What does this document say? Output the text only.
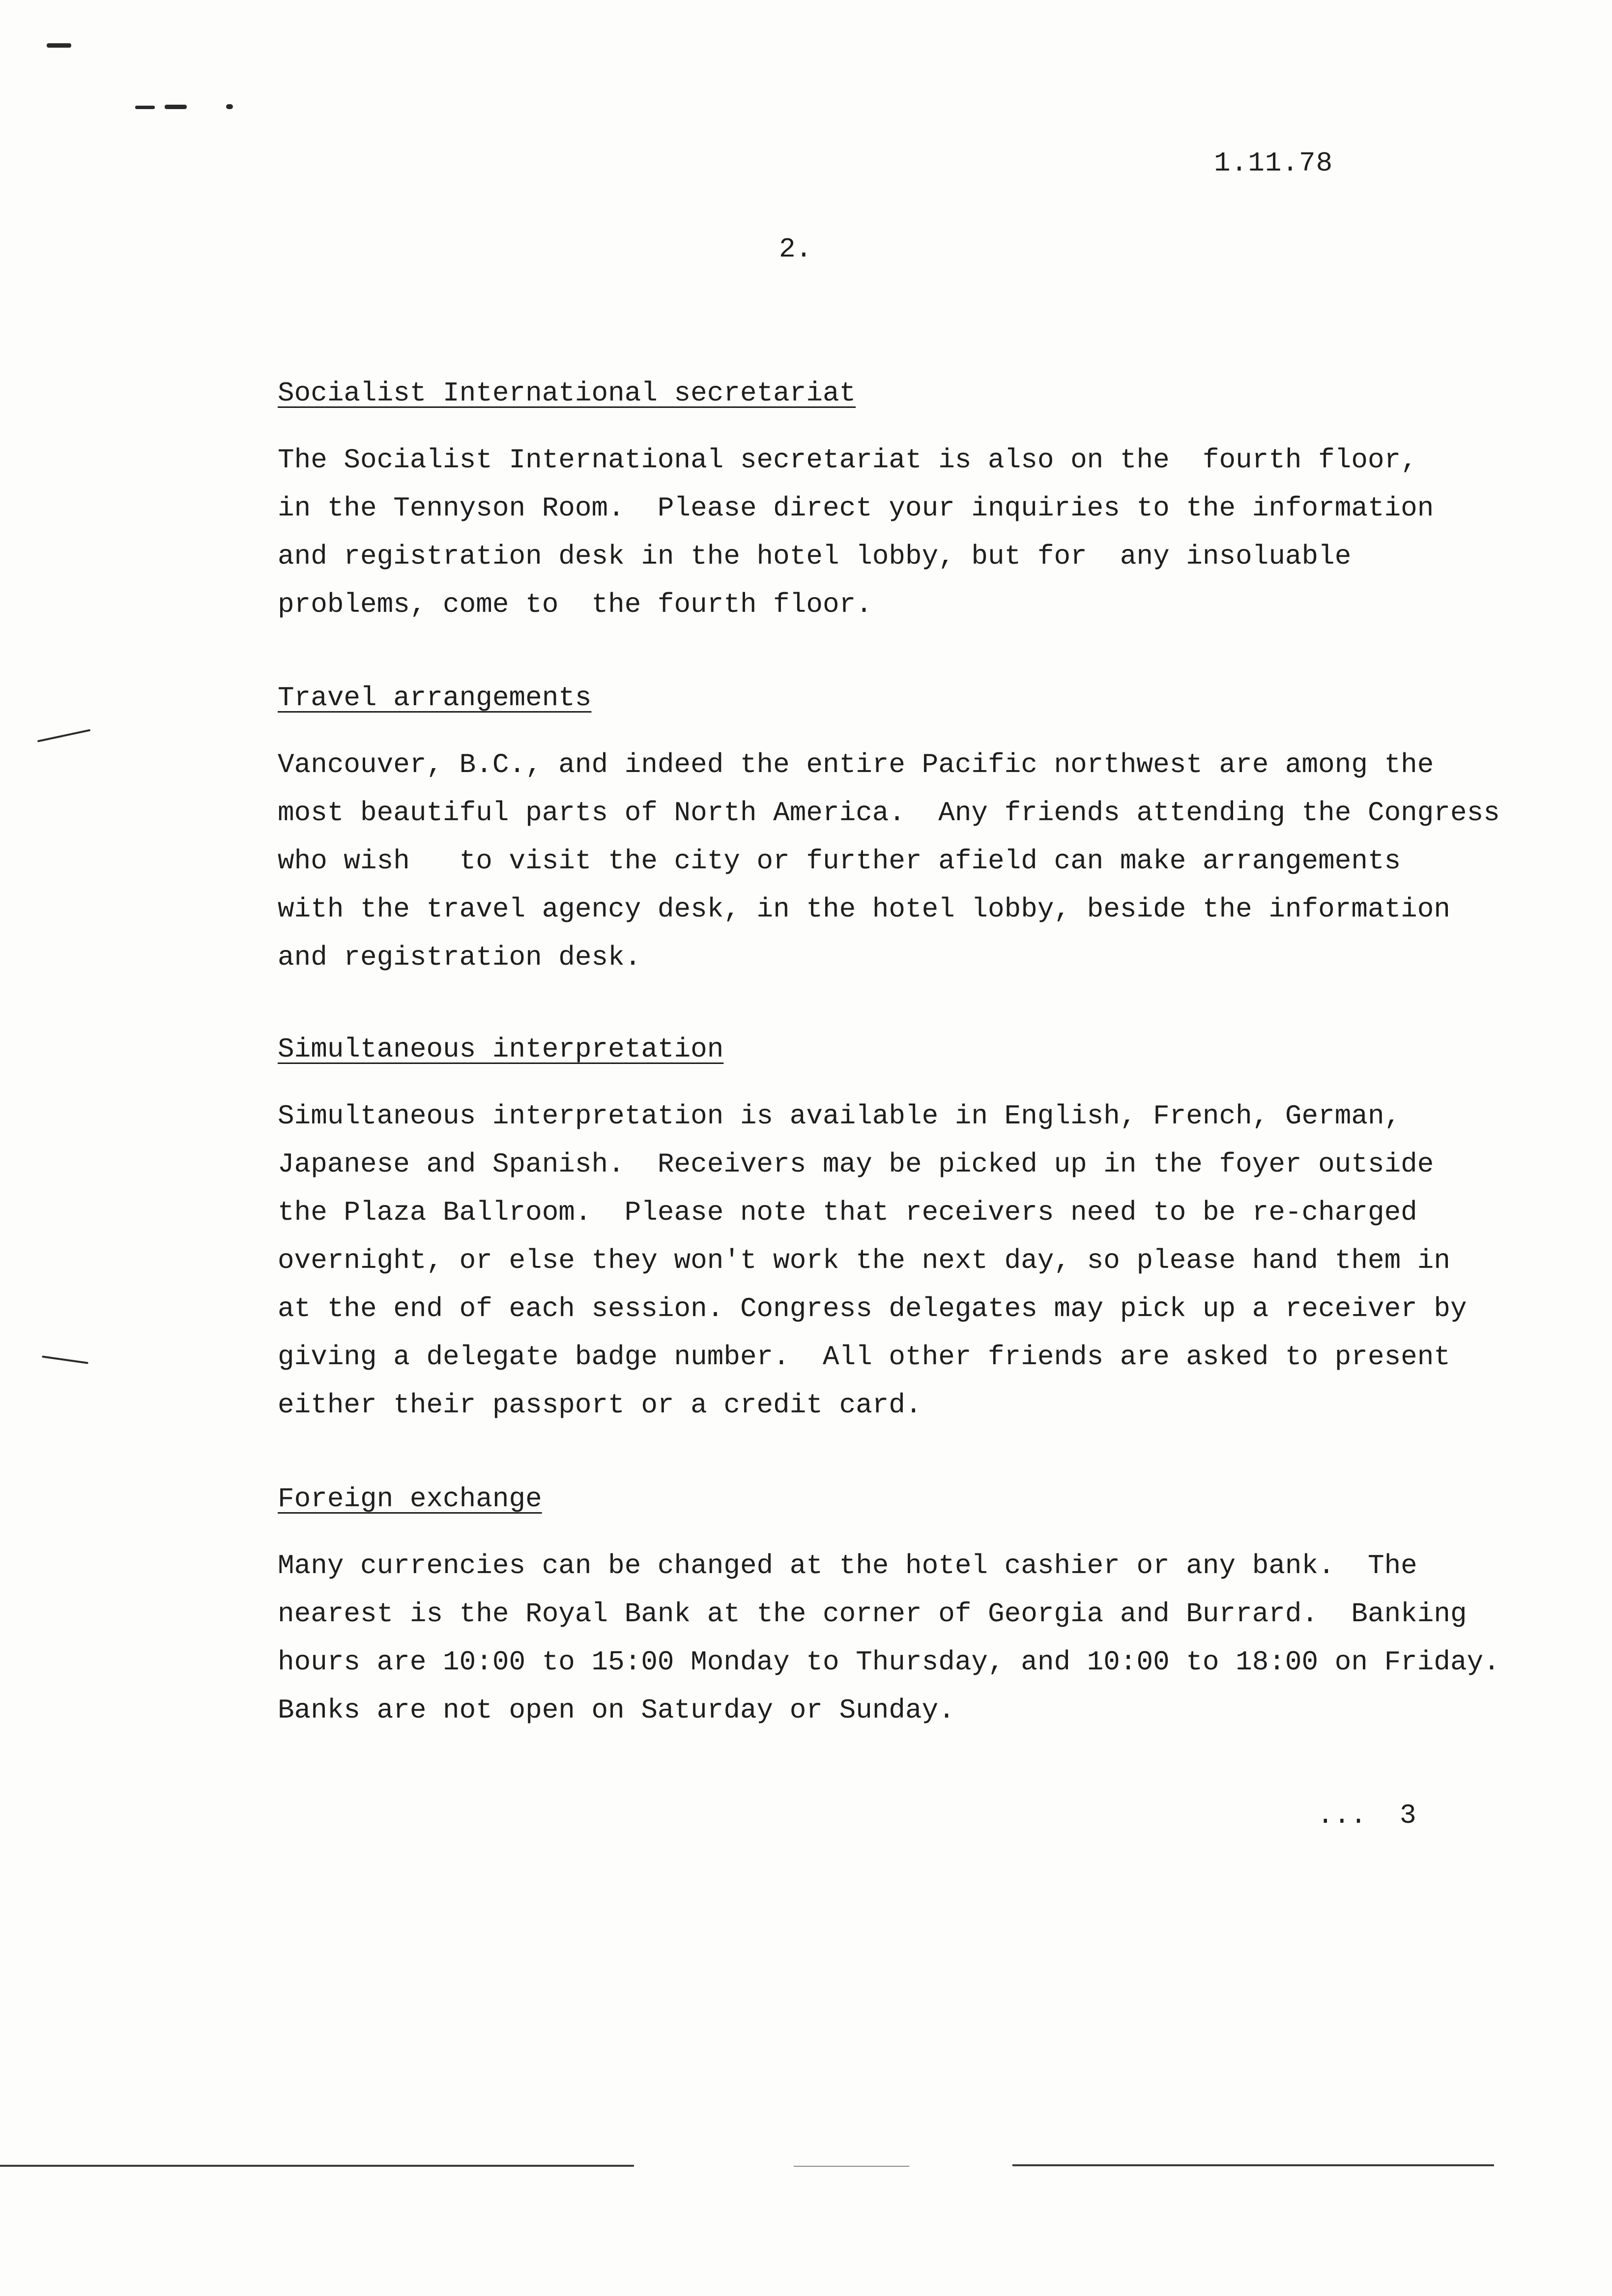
1.11.78
2.
Socialist International secretariat
The Socialist International secretariat is also on the  fourth floor,
in the Tennyson Room.  Please direct your inquiries to the information
and registration desk in the hotel lobby, but for  any insoluable
problems, come to  the fourth floor.
Travel arrangements
Vancouver, B.C., and indeed the entire Pacific northwest are among the
most beautiful parts of North America.  Any friends attending the Congress
who wish   to visit the city or further afield can make arrangements
with the travel agency desk, in the hotel lobby, beside the information
and registration desk.
Simultaneous interpretation
Simultaneous interpretation is available in English, French, German,
Japanese and Spanish.  Receivers may be picked up in the foyer outside
the Plaza Ballroom.  Please note that receivers need to be re-charged
overnight, or else they won't work the next day, so please hand them in
at the end of each session. Congress delegates may pick up a receiver by
giving a delegate badge number.  All other friends are asked to present
either their passport or a credit card.
Foreign exchange
Many currencies can be changed at the hotel cashier or any bank.  The
nearest is the Royal Bank at the corner of Georgia and Burrard.  Banking
hours are 10:00 to 15:00 Monday to Thursday, and 10:00 to 18:00 on Friday.
Banks are not open on Saturday or Sunday.
...  3
